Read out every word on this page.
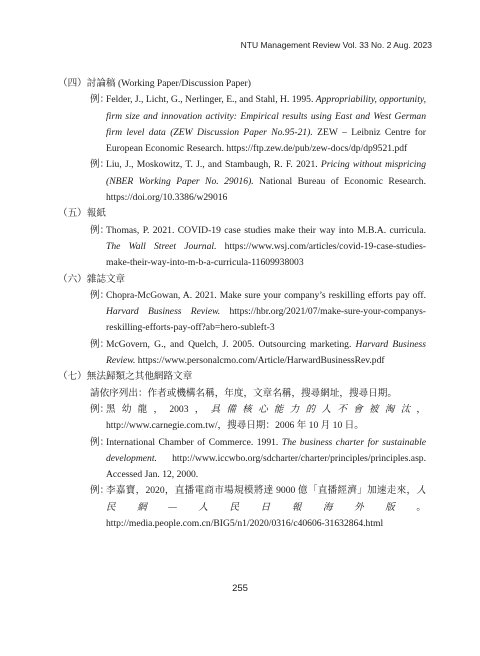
NTU Management Review Vol. 33 No. 2 Aug. 2023
（四）討論稿 (Working Paper/Discussion Paper)
例：
Felder, J., Licht, G., Nerlinger, E., and Stahl, H. 1995. Appropriability, opportunity, firm size and innovation activity: Empirical results using East and West German firm level data (ZEW Discussion Paper No.95-21). ZEW – Leibniz Centre for European Economic Research. https://ftp.zew.de/pub/zew-docs/dp/dp9521.pdf
例：
Liu, J., Moskowitz, T. J., and Stambaugh, R. F. 2021. Pricing without mispricing (NBER Working Paper No. 29016). National Bureau of Economic Research. https://doi.org/10.3386/w29016
（五）報紙
例：
Thomas, P. 2021. COVID-19 case studies make their way into M.B.A. curricula. The Wall Street Journal. https://www.wsj.com/articles/covid-19-case-studies-make-their-way-into-m-b-a-curricula-11609938003
（六）雜誌文章
例：
Chopra-McGowan, A. 2021. Make sure your company’s reskilling efforts pay off. Harvard Business Review. https://hbr.org/2021/07/make-sure-your-companys-reskilling-efforts-pay-off?ab=hero-subleft-3
例：
McGovern, G., and Quelch, J. 2005. Outsourcing marketing. Harvard Business Review. https://www.personalcmo.com/Article/HarwardBusinessRev.pdf
（七）無法歸類之其他網路文章
請依序列出：作者或機構名稱，年度，文章名稱，搜尋網址，搜尋日期。
例：
黑幼龍，2003，具備核心能力的人不會被淘汰，http://www.carnegie.com.tw/，搜尋日期：2006 年 10 月 10 日。
例：
International Chamber of Commerce. 1991. The business charter for sustainable development. http://www.iccwbo.org/sdcharter/charter/principles/principles.asp. Accessed Jan. 12, 2000.
例：
李嘉寶，2020，直播電商市場規模將達 9000 億「直播經濟」加速走來，人民網—人民日報海外版。http://media.people.com.cn/BIG5/n1/2020/0316/c40606-31632864.html
255
